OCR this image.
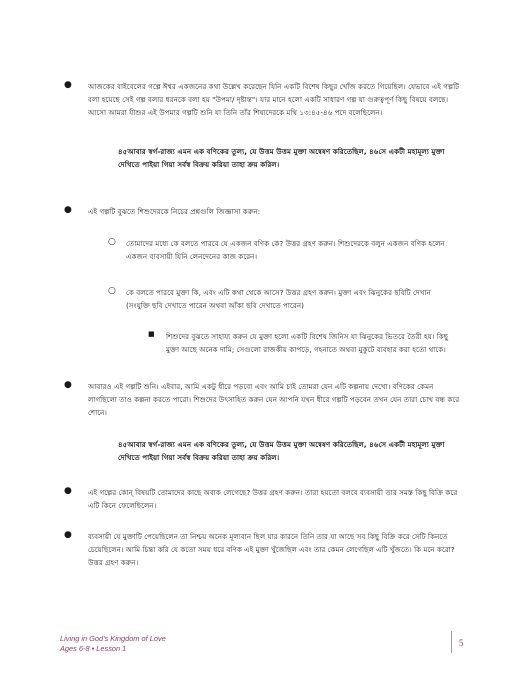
● আজকের বাইবেলের গল্পে ঈশ্বর একজনের কথা উল্লেখ করেছেন যিনি একটি বিশেষ কিছুর খোঁজ করতে গিয়েছিল। যেভাবে এই গল্পটি বলা হয়েছে সেই গল্প বলার ধরনকে বলা হয় "উপমা/ দৃষ্টান্ত"। যার মানে হলো একটি সাধারণ গল্প যা গুরুত্বপূর্ণ কিছু বিষয়ে বলছে। আসো আমরা যীশুর এই উপমার গল্পটি শুনি যা তিনি তাঁর শিষ্যদেরকে মথি ১৩:৪৫-৪৬ পদে বলেছিলেন।
৪৫আবার স্বর্গ-রাজ্য এমন এক বণিকের তুল্য, যে উত্তম উত্তম মুক্তা অন্বেষণ করিতেছিল, ৪৬সে একটী মহামূল্য মুক্তা দেখিতে পাইয়া গিয়া সর্বস্ব বিক্রয় করিয়া তাহা ক্রয় করিল।
● এই গল্পটি বুঝতে শিশুদেরকে নিচের প্রশ্নগুলি জিজ্ঞাসা করুন:
○ তোমাদের মধ্যে কে বলতে পারবে যে একজন বণিক কে? উত্তর গ্রহণ করুন। শিশুদেরকে বলুন একজন বণিক হলেন একজন ব্যবসায়ী যিনি লেনদেনের কাজ করেন।
○ কে বলতে পারবে মুক্তা কি, এবং এটি কথা থেকে আসে? উত্তর গ্রহণ করুন। মুক্তা এবং ঝিনুকের ছবিটি দেখান (সংযুক্তি ছবি দেখাতে পারেন অথবা আঁকা ছবি দেখাতে পারেন)
■ শিশুদের বুঝতে সাহায্য করুন যে মুক্তা হলো একটি বিশেষ জিনিস যা ঝিনুকের ভিতরে তৈরী হয়। কিছু মুক্তা আছে অনেক দামি; সেগুলো রাজকীয় কাপড়ে, গহনাতে অথবা মুকুটে ব্যবহার করা হতো থাকে।
● আবারও এই গল্পটি শুনি। এইবার, আমি একটু ধীরে পড়বো এবং আমি চাই তোমরা যেন এটি কল্পনায় দেখো। বণিকের কেমন লাগছিলো তাও কল্পনা করতে পারো। শিশুদের উৎসাহিত করুন যেন আপনি যখন ধীরে গল্পটি পড়বেন তখন যেন তারা চোখ বন্ধ করে শোনে।
৪৫আবার স্বর্গ-রাজ্য এমন এক বণিকের তুল্য, যে উত্তম উত্তম মুক্তা অন্বেষণ করিতেছিল, ৪৬সে একটী মহামূল্য মুক্তা দেখিতে পাইয়া গিয়া সর্বস্ব বিক্রয় করিয়া তাহা ক্রয় করিল।
● এই গল্পের কোন্‌ বিষয়টি তোমাদের কাছে অবাক লেগেছে? উত্তর গ্রহণ করুন। তারা হয়তো বলবে ব্যবসায়ী তার সমস্ত কিছু বিক্রি করে এটি কিনে ফেলেছিলেন।
● ব্যবসায়ী যে মুক্তাটি পেয়েছিলেন তা নিশ্চয় অনেক মূল্যবান ছিল যার কারনে তিনি তার যা আছে সব কিছু বিক্রি করে সেটি কিনতে চেয়েছিলেন। আমি চিন্তা করি যে কতো সময় ধরে বণিক এই মুক্তা খুঁজেছিল এবং তার কেমন লেগেছিল এটি খুঁজতে। কি মনে করো? উত্তর গ্রহণ করুন।
Living in God's Kingdom of Love
Ages 6-8 • Lesson 1
5
